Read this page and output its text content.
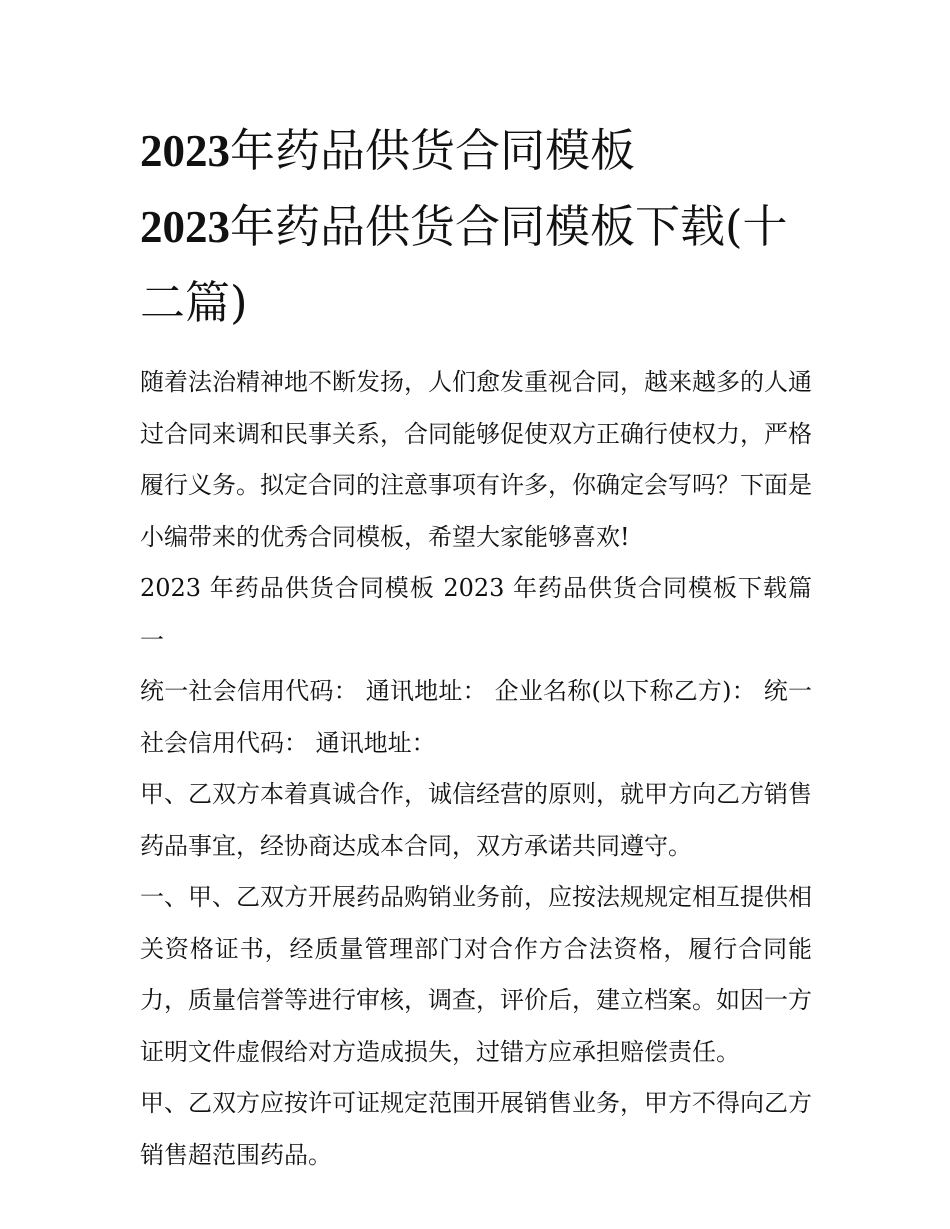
2023年药品供货合同模板
2023年药品供货合同模板下载(十二篇)

随着法治精神地不断发扬，人们愈发重视合同，越来越多的人通过合同来调和民事关系，合同能够促使双方正确行使权力，严格履行义务。拟定合同的注意事项有许多，你确定会写吗？下面是小编带来的优秀合同模板，希望大家能够喜欢!

2023 年药品供货合同模板 2023 年药品供货合同模板下载篇一

统一社会信用代码： 通讯地址： 企业名称(以下称乙方)： 统一社会信用代码： 通讯地址：

甲、乙双方本着真诚合作，诚信经营的原则，就甲方向乙方销售药品事宜，经协商达成本合同，双方承诺共同遵守。

一、甲、乙双方开展药品购销业务前，应按法规规定相互提供相关资格证书，经质量管理部门对合作方合法资格，履行合同能力，质量信誉等进行审核，调查，评价后，建立档案。如因一方证明文件虚假给对方造成损失，过错方应承担赔偿责任。

甲、乙双方应按许可证规定范围开展销售业务，甲方不得向乙方销售超范围药品。
